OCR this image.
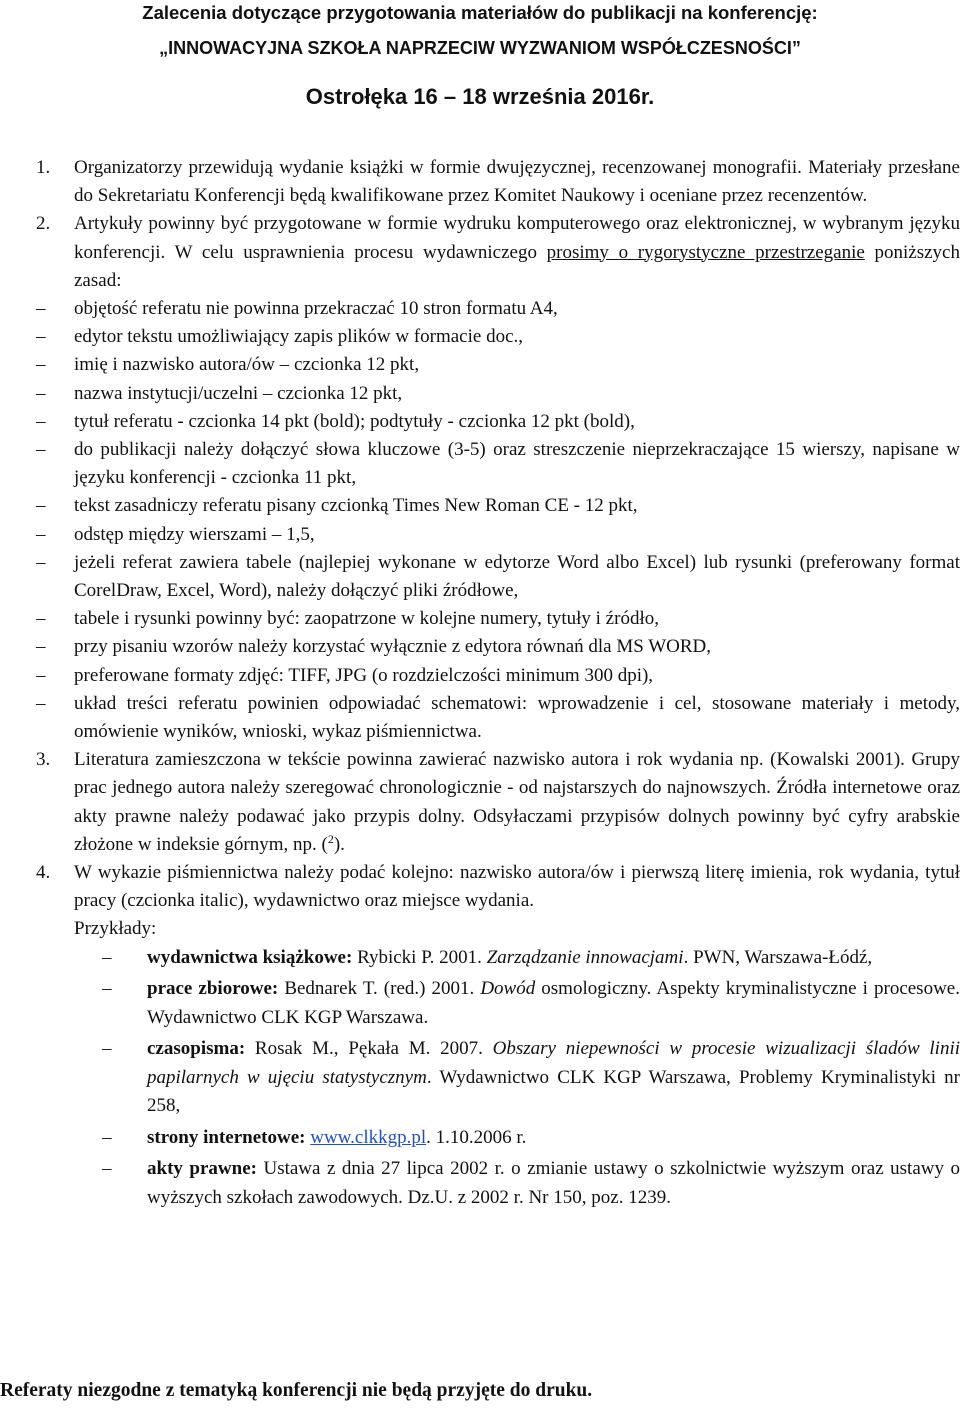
Zalecenia dotyczące przygotowania materiałów do publikacji na konferencję:
„INNOWACYJNA SZKOŁA NAPRZECIW WYZWANIOM WSPÓŁCZESNOŚCI”
Ostrołęka 16 – 18 września 2016r.
1. Organizatorzy przewidują wydanie książki w formie dwujęzycznej, recenzowanej monografii. Materiały przesłane do Sekretariatu Konferencji będą kwalifikowane przez Komitet Naukowy i oceniane przez recenzentów.
2. Artykuły powinny być przygotowane w formie wydruku komputerowego oraz elektronicznej, w wybranym języku konferencji. W celu usprawnienia procesu wydawniczego prosimy o rygorystyczne przestrzeganie poniższych zasad:
– objętość referatu nie powinna przekraczać 10 stron formatu A4,
– edytor tekstu umożliwiający zapis plików w formacie doc.,
– imię i nazwisko autora/ów – czcionka 12 pkt,
– nazwa instytucji/uczelni – czcionka 12 pkt,
– tytuł referatu - czcionka 14 pkt (bold); podtytuły - czcionka 12 pkt (bold),
– do publikacji należy dołączyć słowa kluczowe (3-5) oraz streszczenie nieprzekraczające 15 wierszy, napisane w języku konferencji - czcionka 11 pkt,
– tekst zasadniczy referatu pisany czcionką Times New Roman CE - 12 pkt,
– odstęp między wierszami – 1,5,
– jeżeli referat zawiera tabele (najlepiej wykonane w edytorze Word albo Excel) lub rysunki (preferowany format CorelDraw, Excel, Word), należy dołączyć pliki źródłowe,
– tabele i rysunki powinny być: zaopatrzone w kolejne numery, tytuły i źródło,
– przy pisaniu wzorów należy korzystać wyłącznie z edytora równań dla MS WORD,
– preferowane formaty zdjęć: TIFF, JPG (o rozdzielczości minimum 300 dpi),
– układ treści referatu powinien odpowiadać schematowi: wprowadzenie i cel, stosowane materiały i metody, omówienie wyników, wnioski, wykaz piśmiennictwa.
3. Literatura zamieszczona w tekście powinna zawierać nazwisko autora i rok wydania np. (Kowalski 2001). Grupy prac jednego autora należy szeregować chronologicznie - od najstarszych do najnowszych. Źródła internetowe oraz akty prawne należy podawać jako przypis dolny. Odsyłaczami przypisów dolnych powinny być cyfry arabskie złożone w indeksie górnym, np. ($^2$).
4. W wykazie piśmiennictwa należy podać kolejno: nazwisko autora/ów i pierwszą literę imienia, rok wydania, tytuł pracy (czcionka italic), wydawnictwo oraz miejsce wydania.
Przykłady:
– wydawnictwa książkowe: Rybicki P. 2001. Zarządzanie innowacjami. PWN, Warszawa-Łódź,
– prace zbiorowe: Bednarek T. (red.) 2001. Dowód osmologiczny. Aspekty kryminalistyczne i procesowe. Wydawnictwo CLK KGP Warszawa.
– czasopisma: Rosak M., Pękała M. 2007. Obszary niepewności w procesie wizualizacji śladów linii papilarnych w ujęciu statystycznym. Wydawnictwo CLK KGP Warszawa, Problemy Kryminalistyki nr 258,
– strony internetowe: www.clkkgp.pl. 1.10.2006 r.
– akty prawne: Ustawa z dnia 27 lipca 2002 r. o zmianie ustawy o szkolnictwie wyższym oraz ustawy o wyższych szkołach zawodowych. Dz.U. z 2002 r. Nr 150, poz. 1239.
Referaty niezgodne z tematyką konferencji nie będą przyjęte do druku.
